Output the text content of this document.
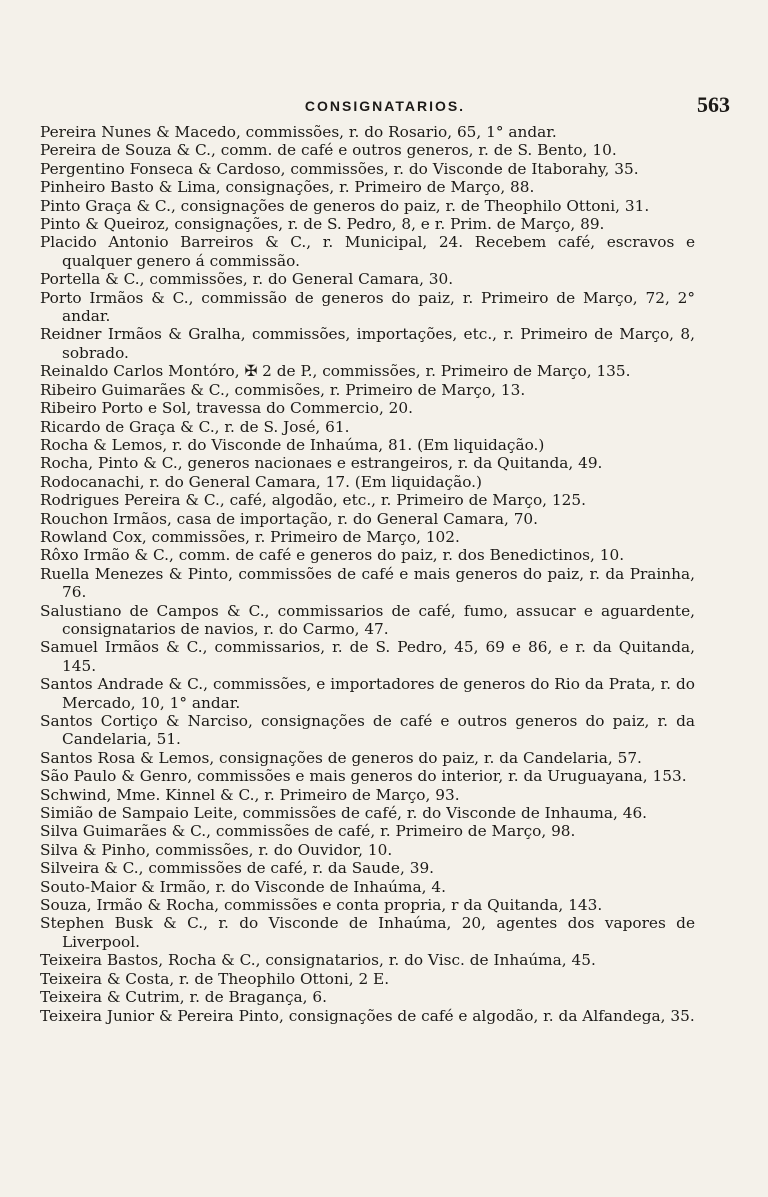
CONSIGNATARIOS.	563

Pereira Nunes & Macedo, commissões, r. do Rosario, 65, 1° andar.

Pereira de Souza & C., comm. de café e outros generos, r. de S. Bento, 10.

Pergentino Fonseca & Cardoso, commissões, r. do Visconde de Itaborahy, 35.

Pinheiro Basto & Lima, consignações, r. Primeiro de Março, 88.

Pinto Graça & C., consignações de generos do paiz, r. de Theophilo Ottoni, 31.

Pinto & Queiroz, consignações, r. de S. Pedro, 8, e r. Prim. de Março, 89.

Placido Antonio Barreiros & C., r. Municipal, 24. Recebem café, escravos e qualquer genero á commissão.

Portella & C., commissões, r. do General Camara, 30.

Porto Irmãos & C., commissão de generos do paiz, r. Primeiro de Março, 72, 2° andar.

Reidner Irmãos & Gralha, commissões, importações, etc., r. Primeiro de Março, 8, sobrado.

Reinaldo Carlos Montóro, ✠ 2 de P., commissões, r. Primeiro de Março, 135.

Ribeiro Guimarães & C., commisões, r. Primeiro de Março, 13.

Ribeiro Porto e Sol, travessa do Commercio, 20.

Ricardo de Graça & C., r. de S. José, 61.

Rocha & Lemos, r. do Visconde de Inhaúma, 81. (Em liquidação.)

Rocha, Pinto & C., generos nacionaes e estrangeiros, r. da Quitanda, 49.

Rodocanachi, r. do General Camara, 17. (Em liquidação.)

Rodrigues Pereira & C., café, algodão, etc., r. Primeiro de Março, 125.

Rouchon Irmãos, casa de importação, r. do General Camara, 70.

Rowland Cox, commissões, r. Primeiro de Março, 102.

Rôxo Irmão & C., comm. de café e generos do paiz, r. dos Benedictinos, 10.

Ruella Menezes & Pinto, commissões de café e mais generos do paiz, r. da Prainha, 76.

Salustiano de Campos & C., commissarios de café, fumo, assucar e aguardente, consignatarios de navios, r. do Carmo, 47.

Samuel Irmãos & C., commissarios, r. de S. Pedro, 45, 69 e 86, e r. da Quitanda, 145.

Santos Andrade & C., commissões, e importadores de generos do Rio da Prata, r. do Mercado, 10, 1° andar.

Santos Cortiço & Narciso, consignações de café e outros generos do paiz, r. da Candelaria, 51.

Santos Rosa & Lemos, consignações de generos do paiz, r. da Candelaria, 57.

São Paulo & Genro, commissões e mais generos do interior, r. da Uruguayana, 153.

Schwind, Mme. Kinnel & C., r. Primeiro de Março, 93.

Simião de Sampaio Leite, commissões de café, r. do Visconde de Inhauma, 46.

Silva Guimarães & C., commissões de café, r. Primeiro de Março, 98.

Silva & Pinho, commissões, r. do Ouvidor, 10.

Silveira & C., commissões de café, r. da Saude, 39.

Souto-Maior & Irmão, r. do Visconde de Inhaúma, 4.

Souza, Irmão & Rocha, commissões e conta propria, r da Quitanda, 143.

Stephen Busk & C., r. do Visconde de Inhaúma, 20, agentes dos vapores de Liverpool.

Teixeira Bastos, Rocha & C., consignatarios, r. do Visc. de Inhaúma, 45.

Teixeira & Costa, r. de Theophilo Ottoni, 2 E.

Teixeira & Cutrim, r. de Bragança, 6.

Teixeira Junior & Pereira Pinto, consignações de café e algodão, r. da Alfandega, 35.
